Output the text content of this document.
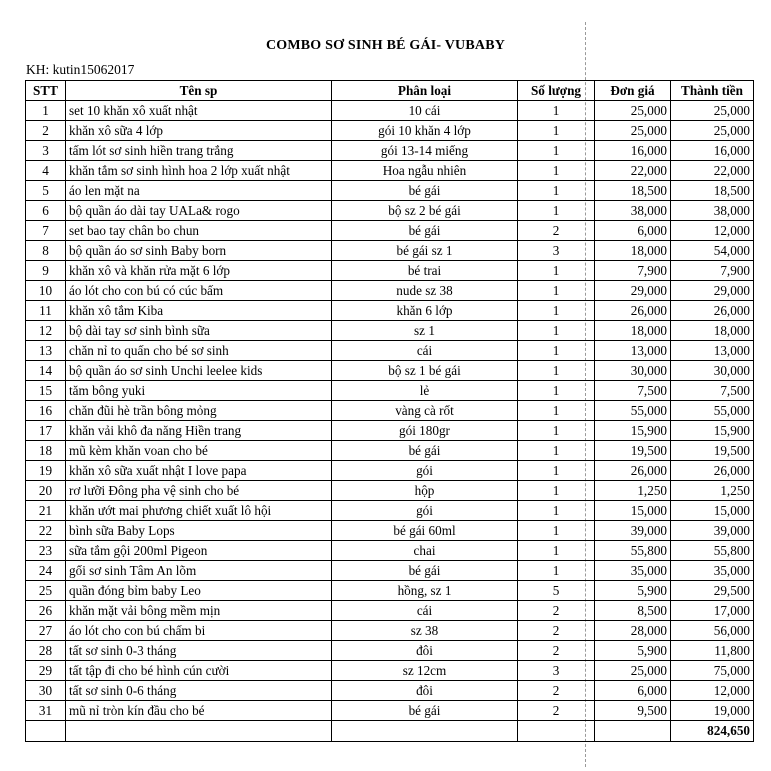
COMBO SƠ SINH BÉ GÁI- VUBABY
KH: kutin15062017
STT	Tên sp	Phân loại	Số lượng	Đơn giá	Thành tiền
1	set 10 khăn xô xuất nhật	10 cái	1	25,000	25,000
2	khăn xô sữa 4 lớp	gói 10 khăn 4 lớp	1	25,000	25,000
3	tấm lót sơ sinh hiền trang trắng	gói 13-14 miếng	1	16,000	16,000
4	khăn tắm sơ sinh hình hoa 2 lớp xuất nhật	Hoa ngẫu nhiên	1	22,000	22,000
5	áo len mặt na	bé gái	1	18,500	18,500
6	bộ quần áo dài tay UALa& rogo	bộ sz 2 bé gái	1	38,000	38,000
7	set bao tay chân bo chun	bé gái	2	6,000	12,000
8	bộ quần áo sơ sinh Baby born	bé gái sz 1	3	18,000	54,000
9	khăn xô và khăn rửa mặt 6 lớp	bé trai	1	7,900	7,900
10	áo lót cho con bú có cúc bấm	nude sz 38	1	29,000	29,000
11	khăn xô tắm Kiba	khăn 6 lớp	1	26,000	26,000
12	bộ dài tay sơ sinh bình sữa	sz 1	1	18,000	18,000
13	chăn nỉ to quấn cho bé sơ sinh	cái	1	13,000	13,000
14	bộ quần áo sơ sinh Unchi leelee kids	bộ sz 1 bé gái	1	30,000	30,000
15	tăm bông yuki	lẻ	1	7,500	7,500
16	chăn đũi hè trần bông mỏng	vàng cà rốt	1	55,000	55,000
17	khăn vải khô đa năng Hiền trang	gói 180gr	1	15,900	15,900
18	mũ kèm khăn voan cho bé	bé gái	1	19,500	19,500
19	khăn xô sữa xuất nhật I love papa	gói	1	26,000	26,000
20	rơ lưỡi Đông pha vệ sinh cho bé	hộp	1	1,250	1,250
21	khăn ướt mai phương chiết xuất lô hội	gói	1	15,000	15,000
22	bình sữa Baby Lops	bé gái 60ml	1	39,000	39,000
23	sữa tắm gội 200ml Pigeon	chai	1	55,800	55,800
24	gối sơ sinh Tâm An lõm	bé gái	1	35,000	35,000
25	quần đóng bỉm baby Leo	hồng, sz 1	5	5,900	29,500
26	khăn mặt vải bông mềm mịn	cái	2	8,500	17,000
27	áo lót cho con bú chấm bi	sz 38	2	28,000	56,000
28	tất sơ sinh 0-3 tháng	đôi	2	5,900	11,800
29	tất tập đi cho bé hình cún cười	sz 12cm	3	25,000	75,000
30	tất sơ sinh 0-6 tháng	đôi	2	6,000	12,000
31	mũ nỉ tròn kín đầu cho bé	bé gái	2	9,500	19,000
					824,650
